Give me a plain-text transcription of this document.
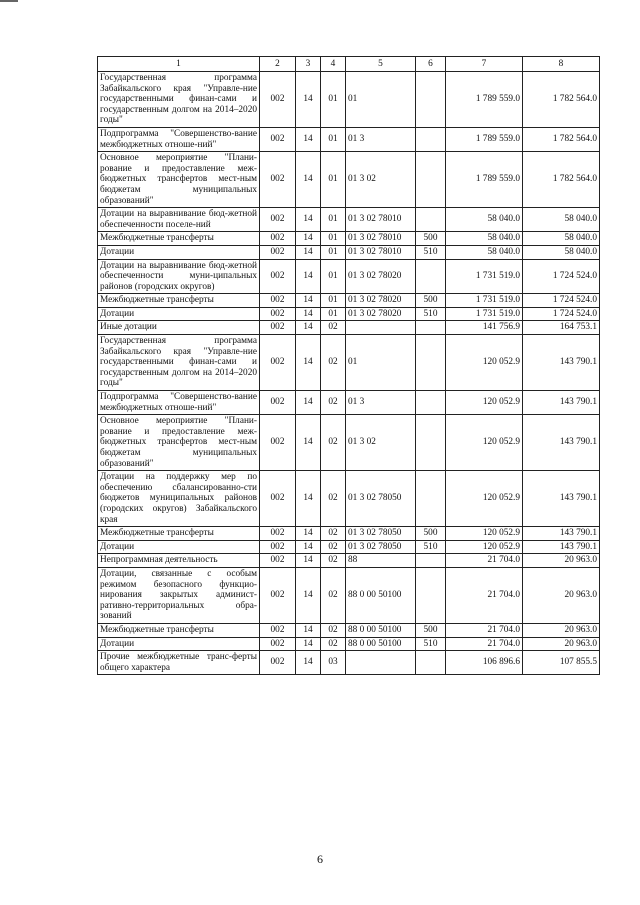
1	2	3	4	5	6	7	8
Государственная программа Забайкальского края "Управле-ние государственными финан-сами и государственным долгом на 2014–2020 годы"	002	14	01	01		1 789 559.0	1 782 564.0
Подпрограмма "Совершенство-вание межбюджетных отноше-ний"	002	14	01	01 3		1 789 559.0	1 782 564.0
Основное мероприятие "Плани-рование и предоставление меж-бюджетных трансфертов мест-ным бюджетам муниципальных образований"	002	14	01	01 3 02		1 789 559.0	1 782 564.0
Дотации на выравнивание бюд-жетной обеспеченности поселе-ний	002	14	01	01 3 02 78010		58 040.0	58 040.0
Межбюджетные трансферты	002	14	01	01 3 02 78010	500	58 040.0	58 040.0
Дотации	002	14	01	01 3 02 78010	510	58 040.0	58 040.0
Дотации на выравнивание бюд-жетной обеспеченности муни-ципальных районов (городских округов)	002	14	01	01 3 02 78020		1 731 519.0	1 724 524.0
Межбюджетные трансферты	002	14	01	01 3 02 78020	500	1 731 519.0	1 724 524.0
Дотации	002	14	01	01 3 02 78020	510	1 731 519.0	1 724 524.0
Иные дотации	002	14	02			141 756.9	164 753.1
Государственная программа Забайкальского края "Управле-ние государственными финан-сами и государственным долгом на 2014–2020 годы"	002	14	02	01		120 052.9	143 790.1
Подпрограмма "Совершенство-вание межбюджетных отноше-ний"	002	14	02	01 3		120 052.9	143 790.1
Основное мероприятие "Плани-рование и предоставление меж-бюджетных трансфертов мест-ным бюджетам муниципальных образований"	002	14	02	01 3 02		120 052.9	143 790.1
Дотации на поддержку мер по обеспечению сбалансированно-сти бюджетов муниципальных районов (городских округов) Забайкальского края	002	14	02	01 3 02 78050		120 052.9	143 790.1
Межбюджетные трансферты	002	14	02	01 3 02 78050	500	120 052.9	143 790.1
Дотации	002	14	02	01 3 02 78050	510	120 052.9	143 790.1
Непрограммная деятельность	002	14	02	88		21 704.0	20 963.0
Дотации, связанные с особым режимом безопасного функцио-нирования закрытых админист-ративно-территориальных обра-зований	002	14	02	88 0 00 50100		21 704.0	20 963.0
Межбюджетные трансферты	002	14	02	88 0 00 50100	500	21 704.0	20 963.0
Дотации	002	14	02	88 0 00 50100	510	21 704.0	20 963.0
Прочие межбюджетные транс-ферты общего характера	002	14	03			106 896.6	107 855.5
6
